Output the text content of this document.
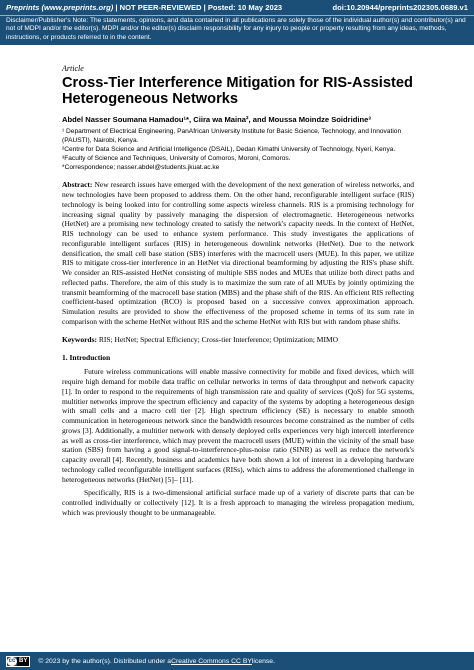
Preprints (www.preprints.org) | NOT PEER-REVIEWED | Posted: 10 May 2023	doi:10.20944/preprints202305.0689.v1
Disclaimer/Publisher's Note: The statements, opinions, and data contained in all publications are solely those of the individual author(s) and contributor(s) and not of MDPI and/or the editor(s). MDPI and/or the editor(s) disclaim responsibility for any injury to people or property resulting from any ideas, methods, instructions, or products referred to in the content.
Article
Cross-Tier Interference Mitigation for RIS-Assisted Heterogeneous Networks
Abdel Nasser Soumana Hamadou¹*, Ciira wa Maina², and Moussa Moindze Soidridine³
¹ Department of Electrical Engineering, PanAfrican University Institute for Basic Science, Technology, and Innovation (PAUSTI), Nairobi, Kenya.
²Centre for Data Science and Artificial Intelligence (DSAIL), Dedan Kimathi University of Technology, Nyeri, Kenya.
³Faculty of Science and Techniques, University of Comoros, Moroni, Comoros.
*Correspondence; nasser.abdel@students.jkuat.ac.ke
Abstract: New research issues have emerged with the development of the next generation of wireless networks, and new technologies have been proposed to address them. On the other hand, reconfigurable intelligent surface (RIS) technology is being looked into for controlling some aspects wireless channels. RIS is a promising technology for increasing signal quality by passively managing the dispersion of electromagnetic. Heterogeneous networks (HetNet) are a promising new technology created to satisfy the network's capacity needs. In the context of HetNet, RIS technology can be used to enhance system performance. This study investigates the applications of reconfigurable intelligent surfaces (RIS) in heterogeneous downlink networks (HetNet). Due to the network densification, the small cell base station (SBS) interferes with the macrocell users (MUE). In this paper, we utilize RIS to mitigate cross-tier interference in an HetNet via directional beamforming by adjusting the RIS's phase shift. We consider an RIS-assisted HetNet consisting of multiple SBS nodes and MUEs that utilize both direct paths and reflected paths. Therefore, the aim of this study is to maximize the sum rate of all MUEs by jointly optimizing the transmit beamforming of the macrocell base station (MBS) and the phase shift of the RIS. An efficient RIS reflecting coefficient-based optimization (RCO) is proposed based on a successive convex approximation approach. Simulation results are provided to show the effectiveness of the proposed scheme in terms of its sum rate in comparison with the scheme HetNet without RIS and the scheme HetNet with RIS but with random phase shifts.
Keywords: RIS; HetNet; Spectral Efficiency; Cross-tier Interference; Optimization; MIMO
1. Introduction
Future wireless communications will enable massive connectivity for mobile and fixed devices, which will require high demand for mobile data traffic on cellular networks in terms of data throughput and network capacity [1]. In order to respond to the requirements of high transmission rate and quality of services (QoS) for 5G systems, multitier networks improve the spectrum efficiency and capacity of the systems by adopting a heterogeneous design with small cells and a macro cell tier [2]. High spectrum efficiency (SE) is necessary to enable smooth communication in heterogeneous network since the bandwidth resources become constrained as the number of cells grows [3]. Additionally, a multitier network with densely deployed cells experiences very high intercell interference as well as cross-tier interference, which may prevent the macrocell users (MUE) within the vicinity of the small base station (SBS) from having a good signal-to-interference-plus-noise ratio (SINR) as well as reduce the network's capacity overall [4]. Recently, business and academics have both shown a lot of interest in a developing hardware technology called reconfigurable intelligent surfaces (RISs), which aims to address the aforementioned challenge in heterogeneous networks (HetNet) [5]– [11].
Specifically, RIS is a two-dimensional artificial surface made up of a variety of discrete parts that can be controlled individually or collectively [12]. It is a fresh approach to managing the wireless propagation medium, which was previously thought to be unmanageable.
cc BY © 2023 by the author(s). Distributed under a Creative Commons CC BY license.
